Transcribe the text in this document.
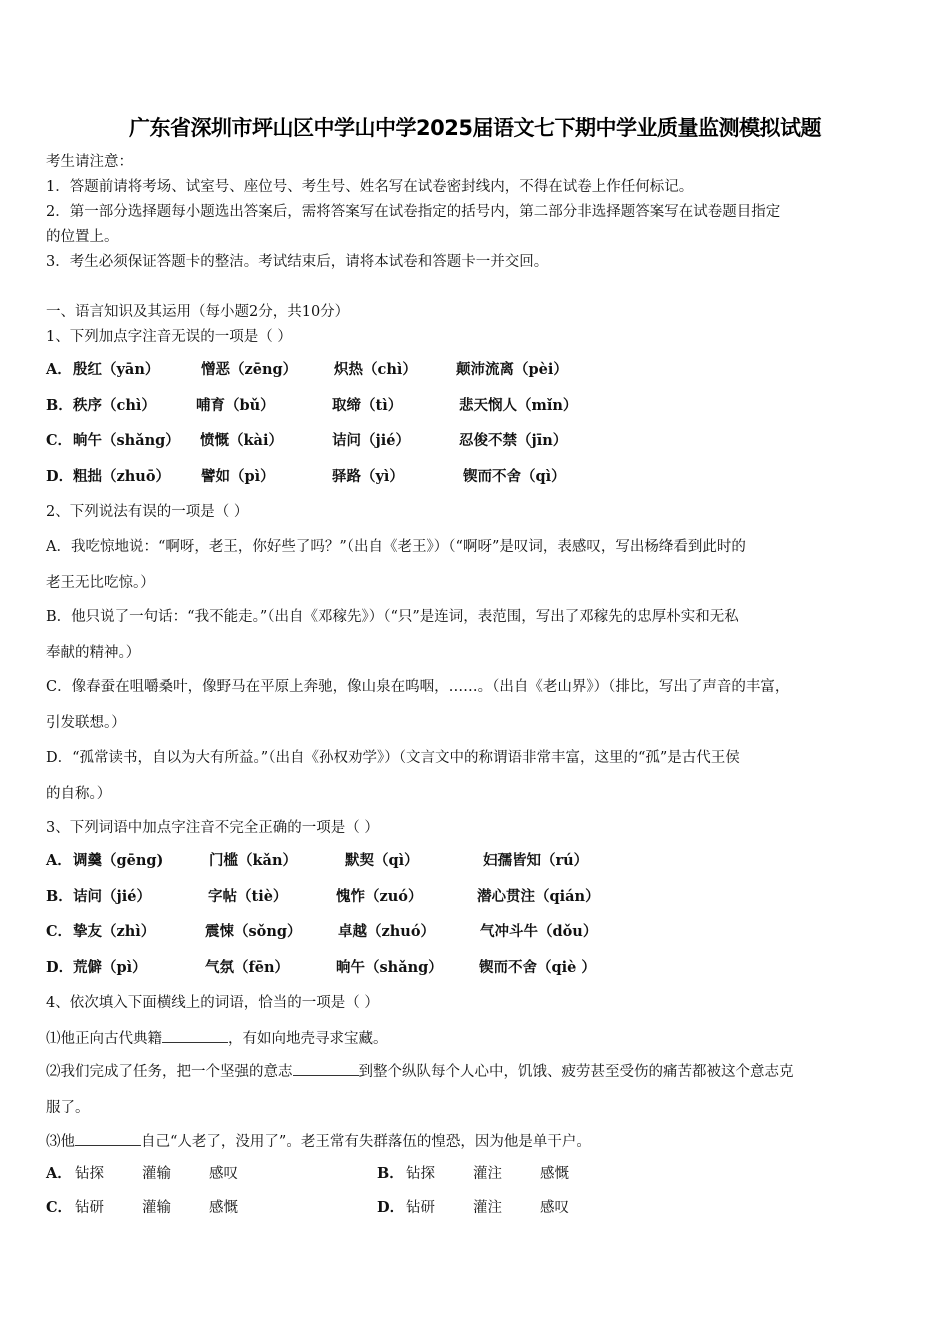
广东省深圳市坪山区中学山中学2025届语文七下期中学业质量监测模拟试题
考生请注意：
1．答题前请将考场、试室号、座位号、考生号、姓名写在试卷密封线内，不得在试卷上作任何标记。
2．第一部分选择题每小题选出答案后，需将答案写在试卷指定的括号内，第二部分非选择题答案写在试卷题目指定
的位置上。
3．考生必须保证答题卡的整洁。考试结束后，请将本试卷和答题卡一并交回。
一、语言知识及其运用（每小题2分，共10分）
1、下列加点字注音无误的一项是（ ）
A． 殷红（yān）	憎恶（zēng）	炽热（chì）	颠沛流离（pèi）
B． 秩序（chì）	哺育（bǔ）	取缔（tì）	悲天悯人（mǐn）
C． 晌午（shǎng） 愤慨（kài）	诘问（jié）	忍俊不禁（jīn）
D． 粗拙（zhuō） 譬如（pì）	驿路（yì）	锲而不舍（qì）
2、下列说法有误的一项是（ ）
A．我吃惊地说：“啊呀，老王，你好些了吗？”（出自《老王》）（“啊呀”是叹词，表感叹，写出杨绛看到此时的
老王无比吃惊。）
B．他只说了一句话：“我不能走。”（出自《邓稼先》）（“只”是连词，表范围，写出了邓稼先的忠厚朴实和无私
奉献的精神。）
C．像春蚕在咀嚼桑叶，像野马在平原上奔驰，像山泉在呜咽，……。（出自《老山界》）（排比，写出了声音的丰富，
引发联想。）
D．“孤常读书，自以为大有所益。”（出自《孙权劝学》）（文言文中的称谓语非常丰富，这里的“孤”是古代王侯
的自称。）
3、下列词语中加点字注音不完全正确的一项是（ ）
A． 调羹（gēng)	门槛（kǎn）	默契（qì）	妇孺皆知（rú）
B． 诘问（jié）	字帖（tiè）	愧怍（zuó）	潜心贯注（qián）
C． 挚友（zhì）	震悚（sǒng）	卓越（zhuó）	气冲斗牛（dǒu）
D． 荒僻（pì）	气氛（fēn）	晌午（shǎng） 锲而不舍（qiè ）
4、依次填入下面横线上的词语，恰当的一项是（ ）
⑴他正向古代典籍	，有如向地壳寻求宝藏。
⑵我们完成了任务，把一个坚强的意志	到整个纵队每个人心中，饥饿、疲劳甚至受伤的痛苦都被这个意志克
服了。
⑶他	自己“人老了，没用了”。老王常有失群落伍的惶恐，因为他是单干户。
A． 钻探	灌输	感叹	B． 钻探	灌注	感慨
C． 钻研	灌输	感慨	D． 钻研	灌注	感叹
